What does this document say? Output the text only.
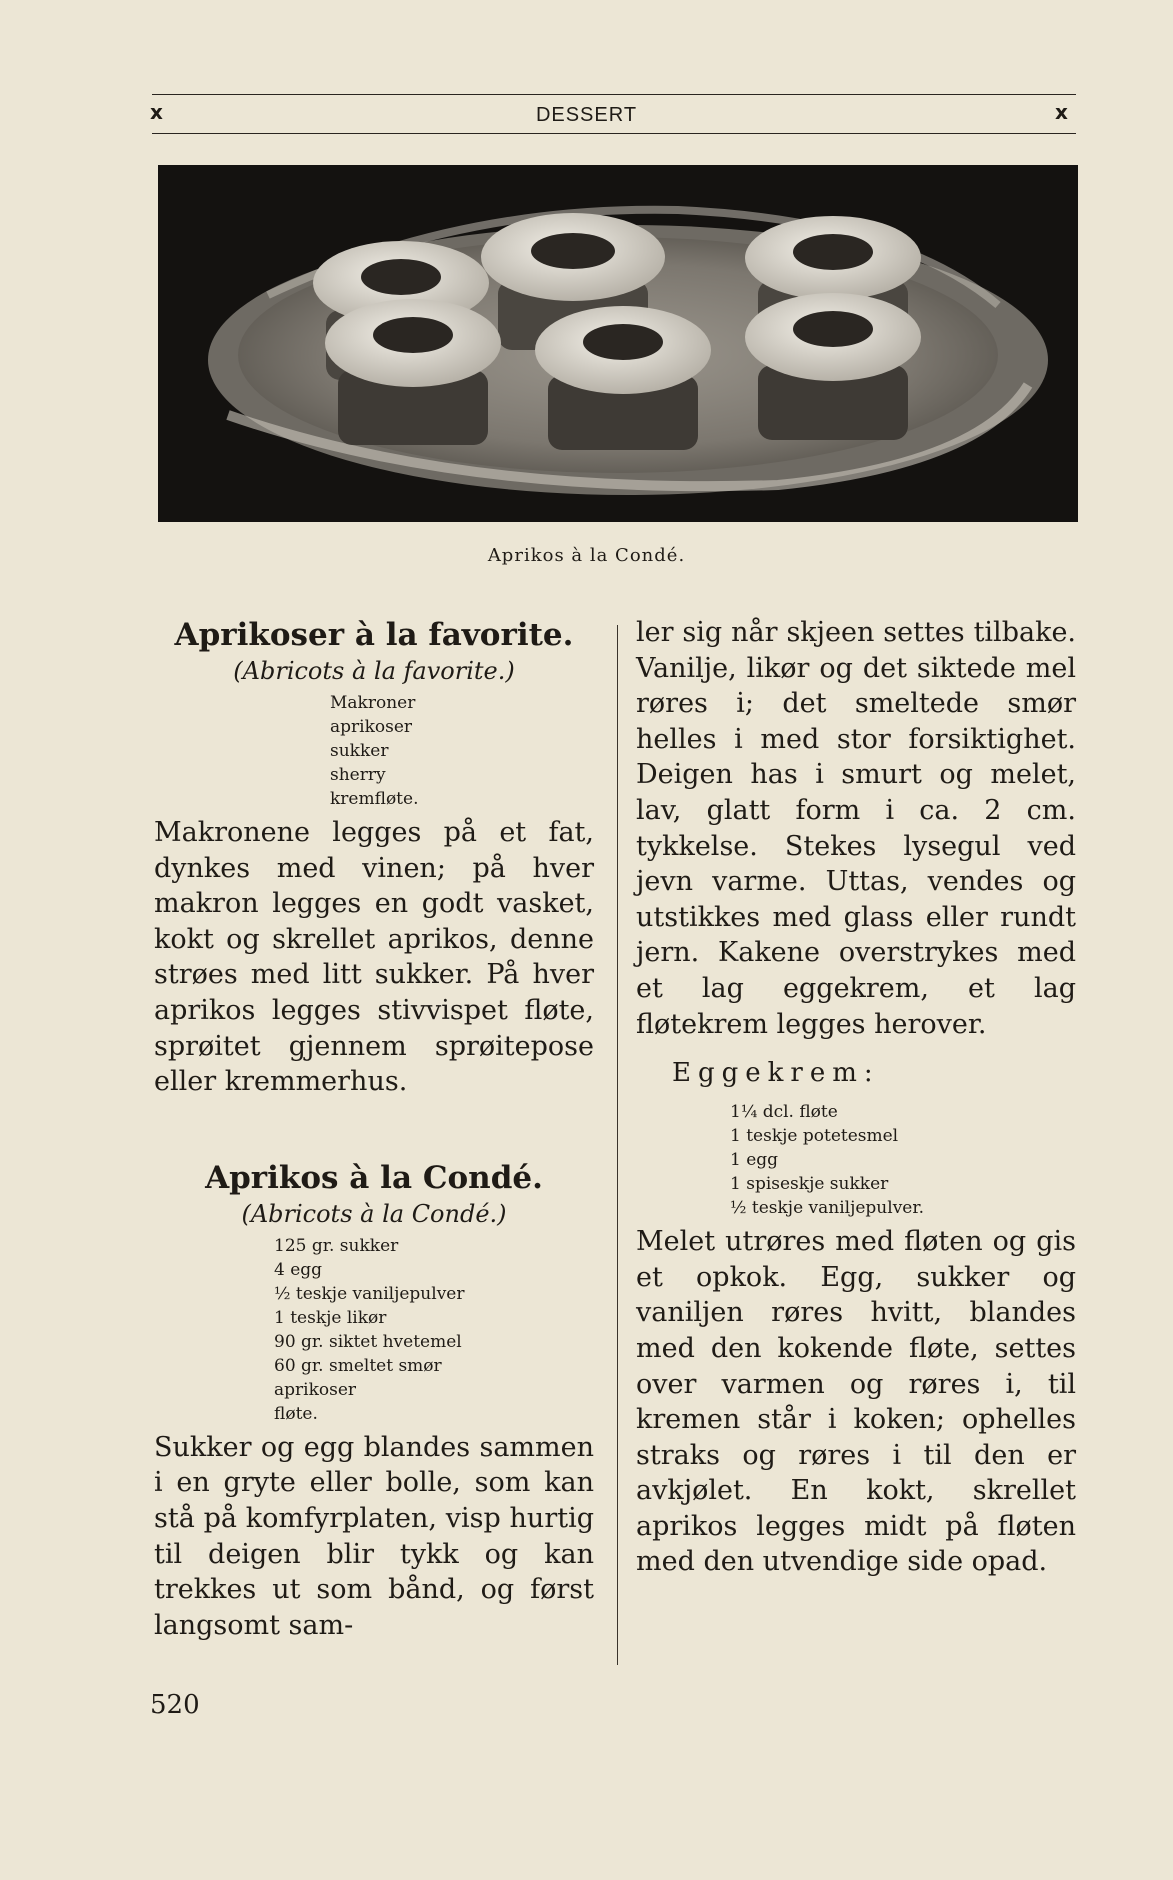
x	DESSERT	x
Aprikos à la Condé.
Aprikoser à la favorite.

(Abricots à la favorite.)

Makroner
aprikoser
sukker
sherry
kremfløte.

Makronene legges på et fat, dynkes med vinen; på hver makron legges en godt vasket, kokt og skrellet aprikos, denne strøes med litt sukker. På hver aprikos legges stivvispet fløte, sprøitet gjennem sprøitepose eller kremmerhus.

Aprikos à la Condé.

(Abricots à la Condé.)

125 gr. sukker
4 egg
½ teskje vaniljepulver
1 teskje likør
90 gr. siktet hvetemel
60 gr. smeltet smør
aprikoser
fløte.

Sukker og egg blandes sammen i en gryte eller bolle, som kan stå på komfyrplaten, visp hurtig til deigen blir tykk og kan trekkes ut som bånd, og først langsomt sam-

ler sig når skjeen settes tilbake. Vanilje, likør og det siktede mel røres i; det smeltede smør helles i med stor forsiktighet. Deigen has i smurt og melet, lav, glatt form i ca. 2 cm. tykkelse. Stekes lysegul ved jevn varme. Uttas, vendes og utstikkes med glass eller rundt jern. Kakene overstrykes med et lag eggekrem, et lag fløtekrem legges herover.

Eggekrem:
1¼ dcl. fløte
1 teskje potetesmel
1 egg
1 spiseskje sukker
½ teskje vaniljepulver.

Melet utrøres med fløten og gis et opkok. Egg, sukker og vaniljen røres hvitt, blandes med den kokende fløte, settes over varmen og røres i, til kremen står i koken; ophelles straks og røres i til den er avkjølet. En kokt, skrellet aprikos legges midt på fløten med den utvendige side opad.

520
